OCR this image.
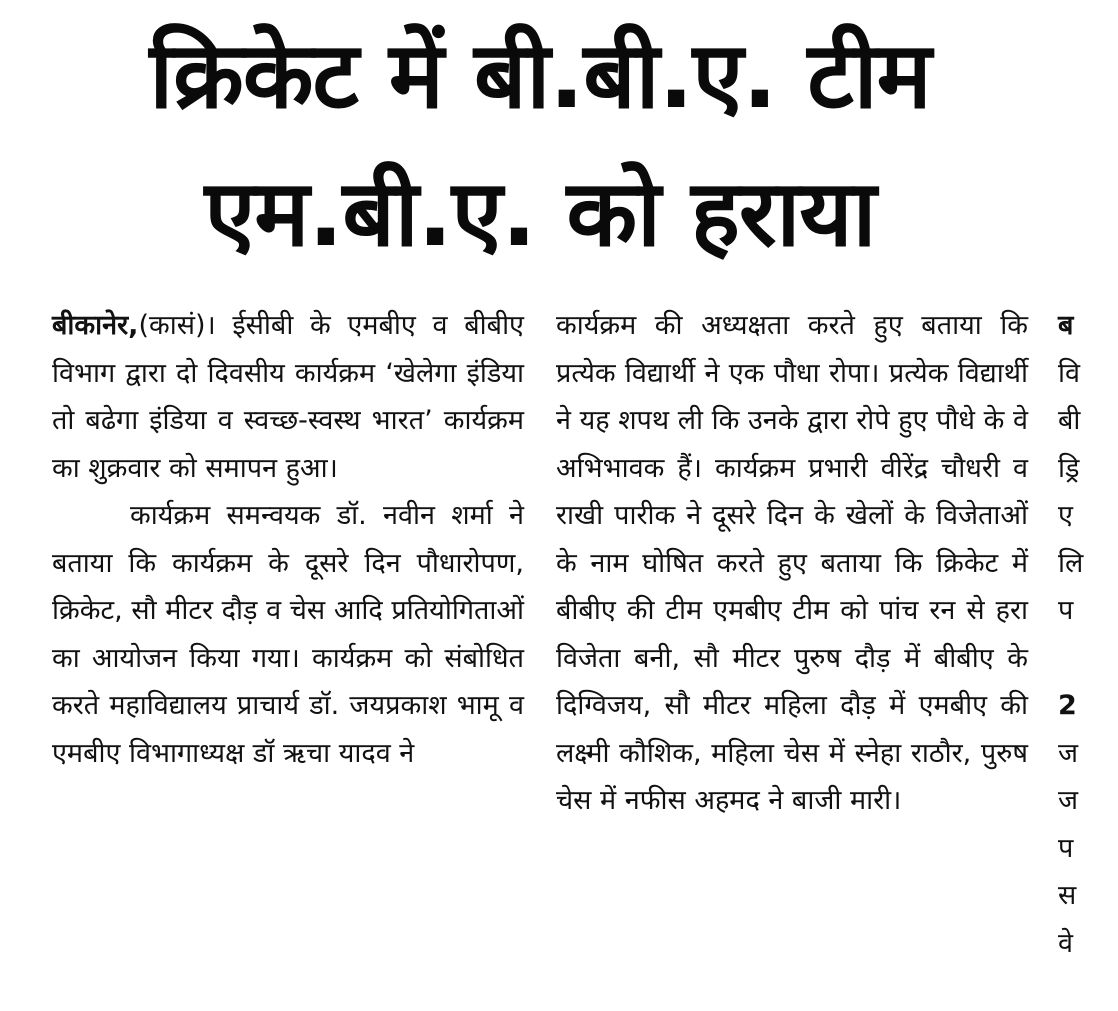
क्रिकेट में बी.बी.ए. टीम
एम.बी.ए. को हराया

बीकानेर,(कासं)। ईसीबी के एमबीए व बीबीए विभाग द्वारा दो दिवसीय कार्यक्रम ‘खेलेगा इंडिया तो बढेगा इंडिया व स्वच्छ-स्वस्थ भारत’ कार्यक्रम का शुक्रवार को समापन हुआ।

कार्यक्रम समन्वयक डॉ. नवीन शर्मा ने बताया कि कार्यक्रम के दूसरे दिन पौधारोपण, क्रिकेट, सौ मीटर दौड़ व चेस आदि प्रतियोगिताओं का आयोजन किया गया। कार्यक्रम को संबोधित करते महाविद्यालय प्राचार्य डॉ. जयप्रकाश भामू व एमबीए विभागाध्यक्ष डॉ ऋचा यादव ने

कार्यक्रम की अध्यक्षता करते हुए बताया कि प्रत्येक विद्यार्थी ने एक पौधा रोपा। प्रत्येक विद्यार्थी ने यह शपथ ली कि उनके द्वारा रोपे हुए पौधे के वे अभिभावक हैं। कार्यक्रम प्रभारी वीरेंद्र चौधरी व राखी पारीक ने दूसरे दिन के खेलों के विजेताओं के नाम घोषित करते हुए बताया कि क्रिकेट में बीबीए की टीम एमबीए टीम को पांच रन से हरा विजेता बनी, सौ मीटर पुरुष दौड़ में बीबीए के दिग्विजय, सौ मीटर महिला दौड़ में एमबीए की लक्ष्मी कौशिक, महिला चेस में स्नेहा राठौर, पुरुष चेस में नफीस अहमद ने बाजी मारी।

ब
वि
बी
ड्रि
ए
लि
प
2
ज
ज
प
स
वे
